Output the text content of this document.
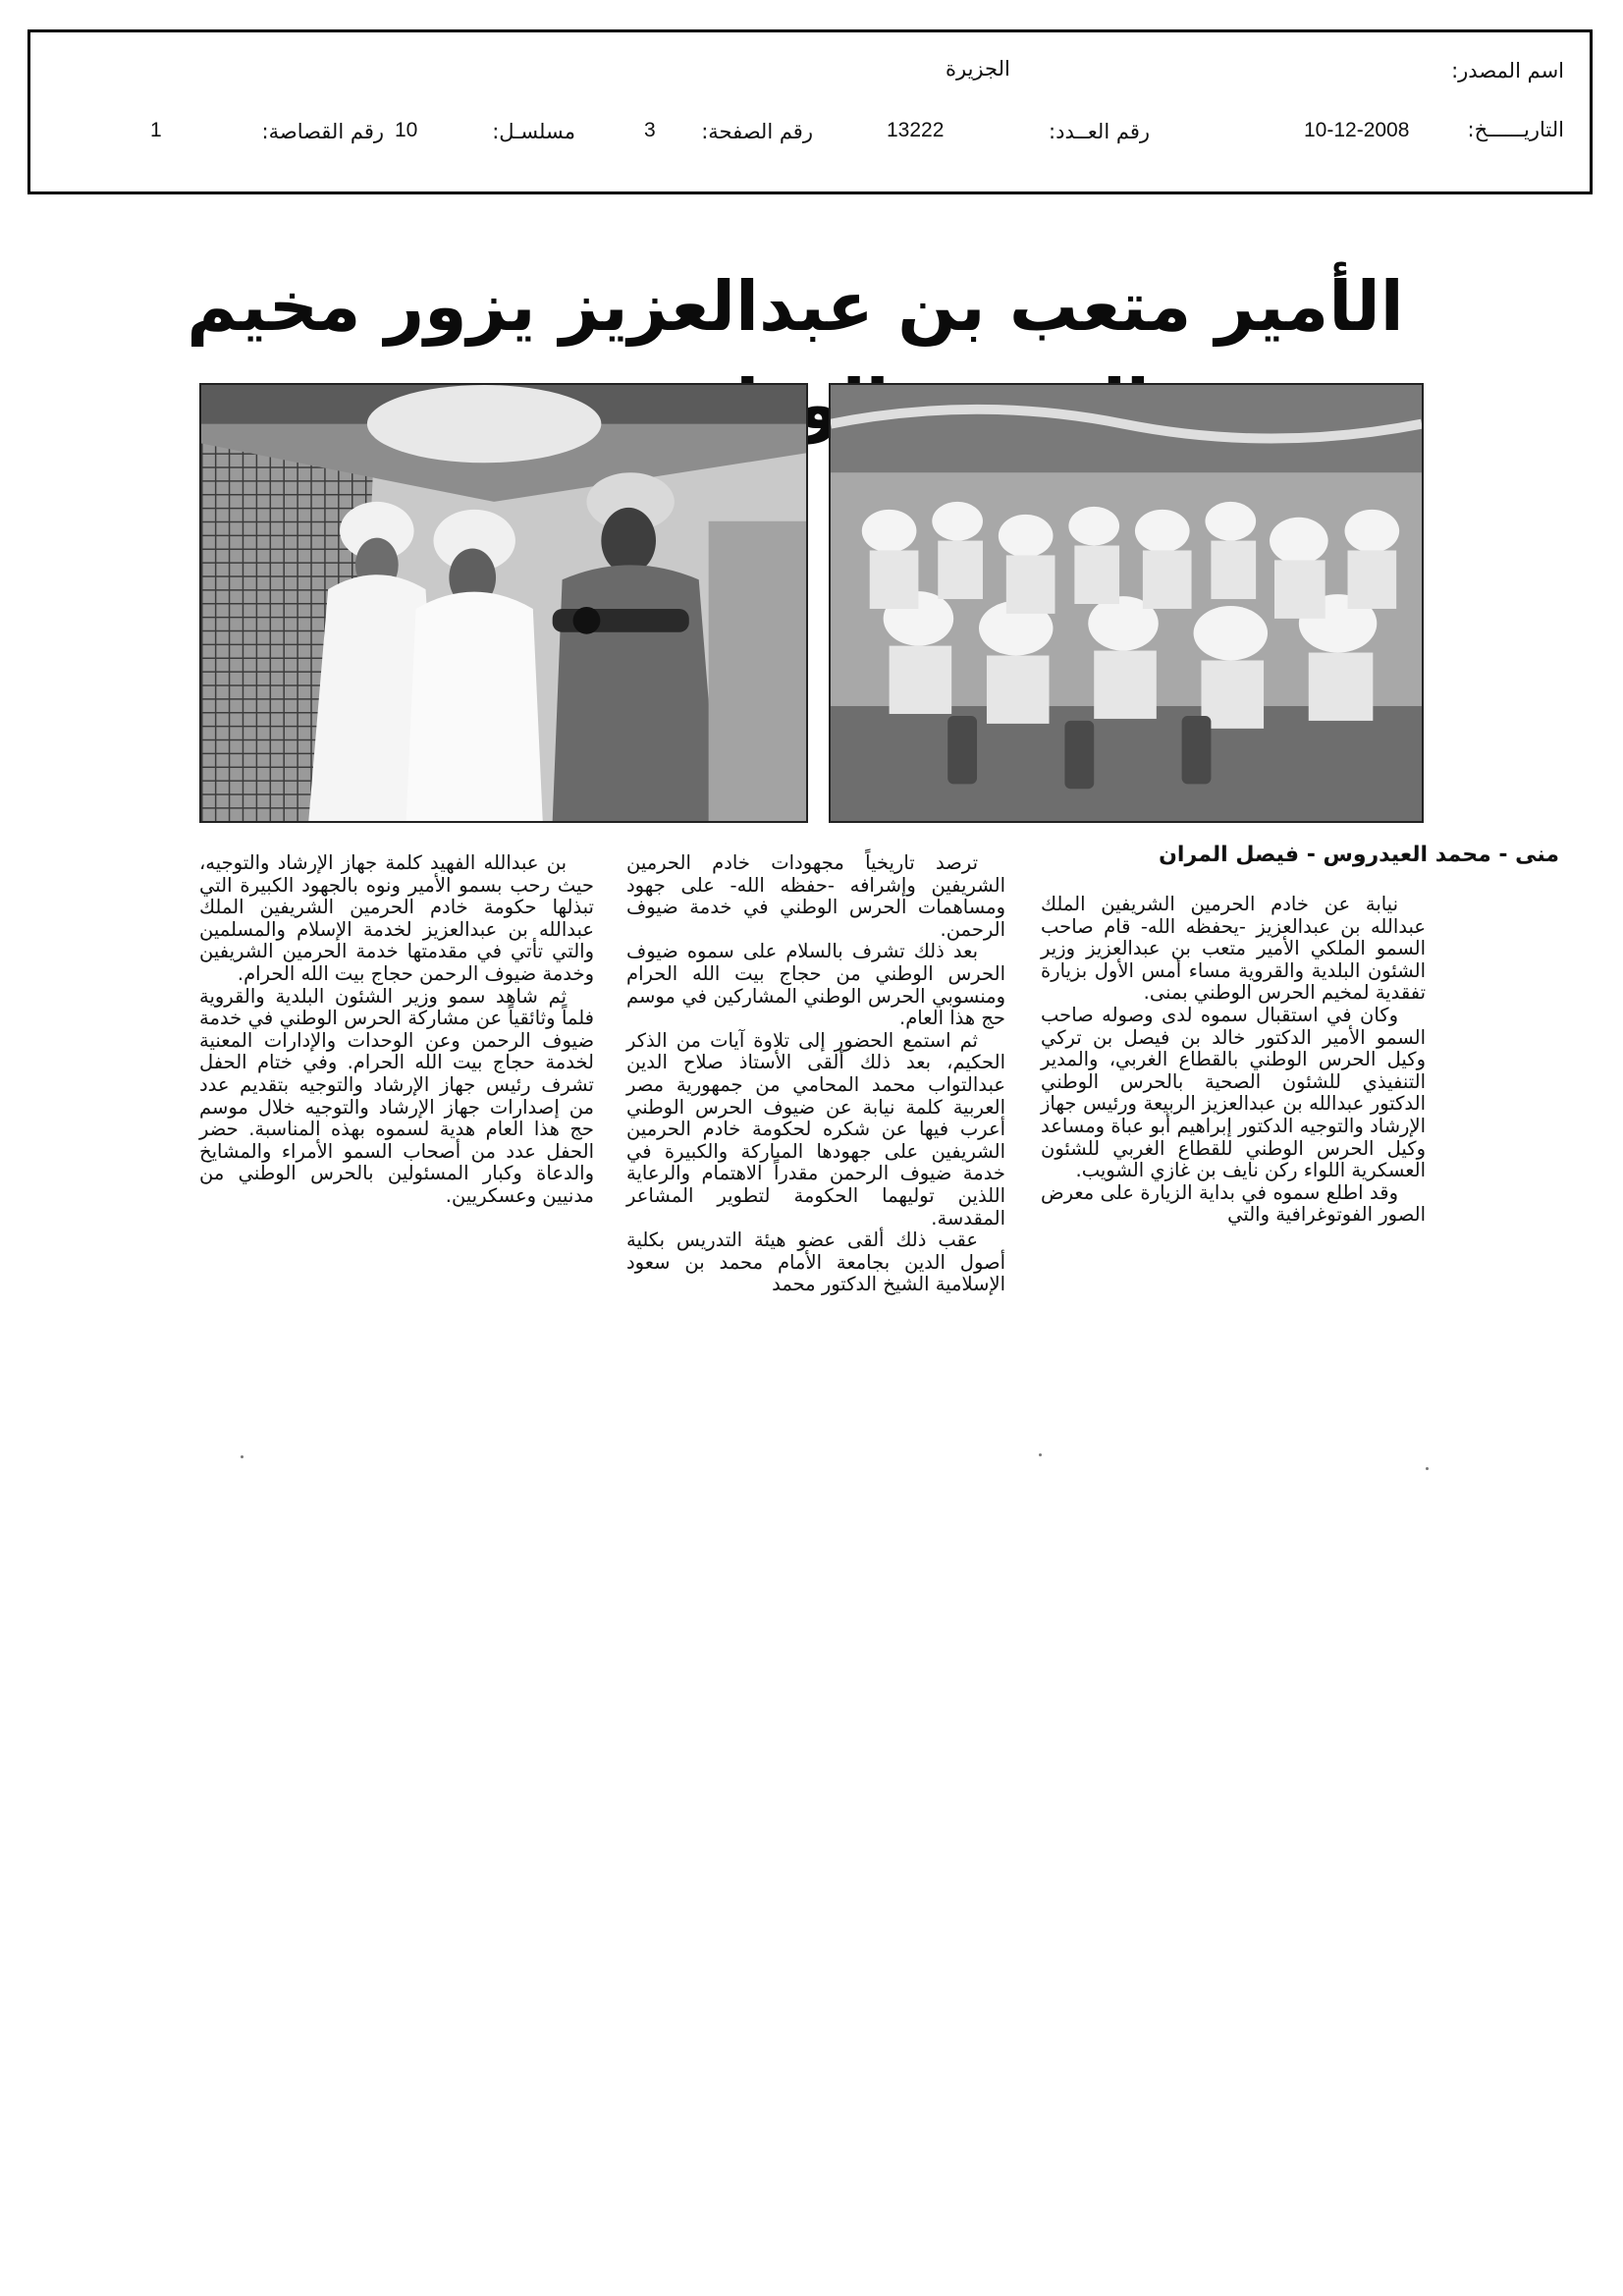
اسم المصدر:
الجزيرة
التاريــــــخ:
10-12-2008
رقم العــدد:
13222
رقم الصفحة:
3
مسلسـل:
10
رقم القصاصة:
1
الأمير متعب بن عبدالعزيز يزور مخيم
منى - محمد العيدروس - فيصل المران

نيابة عن خادم الحرمين الشريفين الملك عبدالله بن عبدالعزيز -يحفظه الله- قام صاحب السمو الملكي الأمير متعب بن عبدالعزيز وزير الشئون البلدية والقروية مساء أمس الأول بزيارة تفقدية لمخيم الحرس الوطني بمنى.

وكان في استقبال سموه لدى وصوله صاحب السمو الأمير الدكتور خالد بن فيصل بن تركي وكيل الحرس الوطني بالقطاع الغربي، والمدير التنفيذي للشئون الصحية بالحرس الوطني الدكتور عبدالله بن عبدالعزيز الربيعة ورئيس جهاز الإرشاد والتوجيه الدكتور إبراهيم أبو عباة ومساعد وكيل الحرس الوطني للقطاع الغربي للشئون العسكرية اللواء ركن نايف بن غازي الشويب.

وقد اطلع سموه في بداية الزيارة على معرض الصور الفوتوغرافية والتي

ترصد تاريخياً مجهودات خادم الحرمين الشريفين وإشرافه -حفظه الله- على جهود ومساهمات الحرس الوطني في خدمة ضيوف الرحمن.

بعد ذلك تشرف بالسلام على سموه ضيوف الحرس الوطني من حجاج بيت الله الحرام ومنسوبي الحرس الوطني المشاركين في موسم حج هذا العام.

ثم استمع الحضور إلى تلاوة آيات من الذكر الحكيم، بعد ذلك ألقى الأستاذ صلاح الدين عبدالتواب محمد المحامي من جمهورية مصر العربية كلمة نيابة عن ضيوف الحرس الوطني أعرب فيها عن شكره لحكومة خادم الحرمين الشريفين على جهودها المباركة والكبيرة في خدمة ضيوف الرحمن مقدراً الاهتمام والرعاية اللذين توليهما الحكومة لتطوير المشاعر المقدسة.

عقب ذلك ألقى عضو هيئة التدريس بكلية أصول الدين بجامعة الأمام محمد بن سعود الإسلامية الشيخ الدكتور محمد

بن عبدالله الفهيد كلمة جهاز الإرشاد والتوجيه، حيث رحب بسمو الأمير ونوه بالجهود الكبيرة التي تبذلها حكومة خادم الحرمين الشريفين الملك عبدالله بن عبدالعزيز لخدمة الإسلام والمسلمين والتي تأتي في مقدمتها خدمة الحرمين الشريفين وخدمة ضيوف الرحمن حجاج بيت الله الحرام.

ثم شاهد سمو وزير الشئون البلدية والقروية فلماً وثائقياً عن مشاركة الحرس الوطني في خدمة ضيوف الرحمن وعن الوحدات والإدارات المعنية لخدمة حجاج بيت الله الحرام. وفي ختام الحفل تشرف رئيس جهاز الإرشاد والتوجيه بتقديم عدد من إصدارات جهاز الإرشاد والتوجيه خلال موسم حج هذا العام هدية لسموه بهذه المناسبة. حضر الحفل عدد من أصحاب السمو الأمراء والمشايخ والدعاة وكبار المسئولين بالحرس الوطني من مدنيين وعسكريين.
